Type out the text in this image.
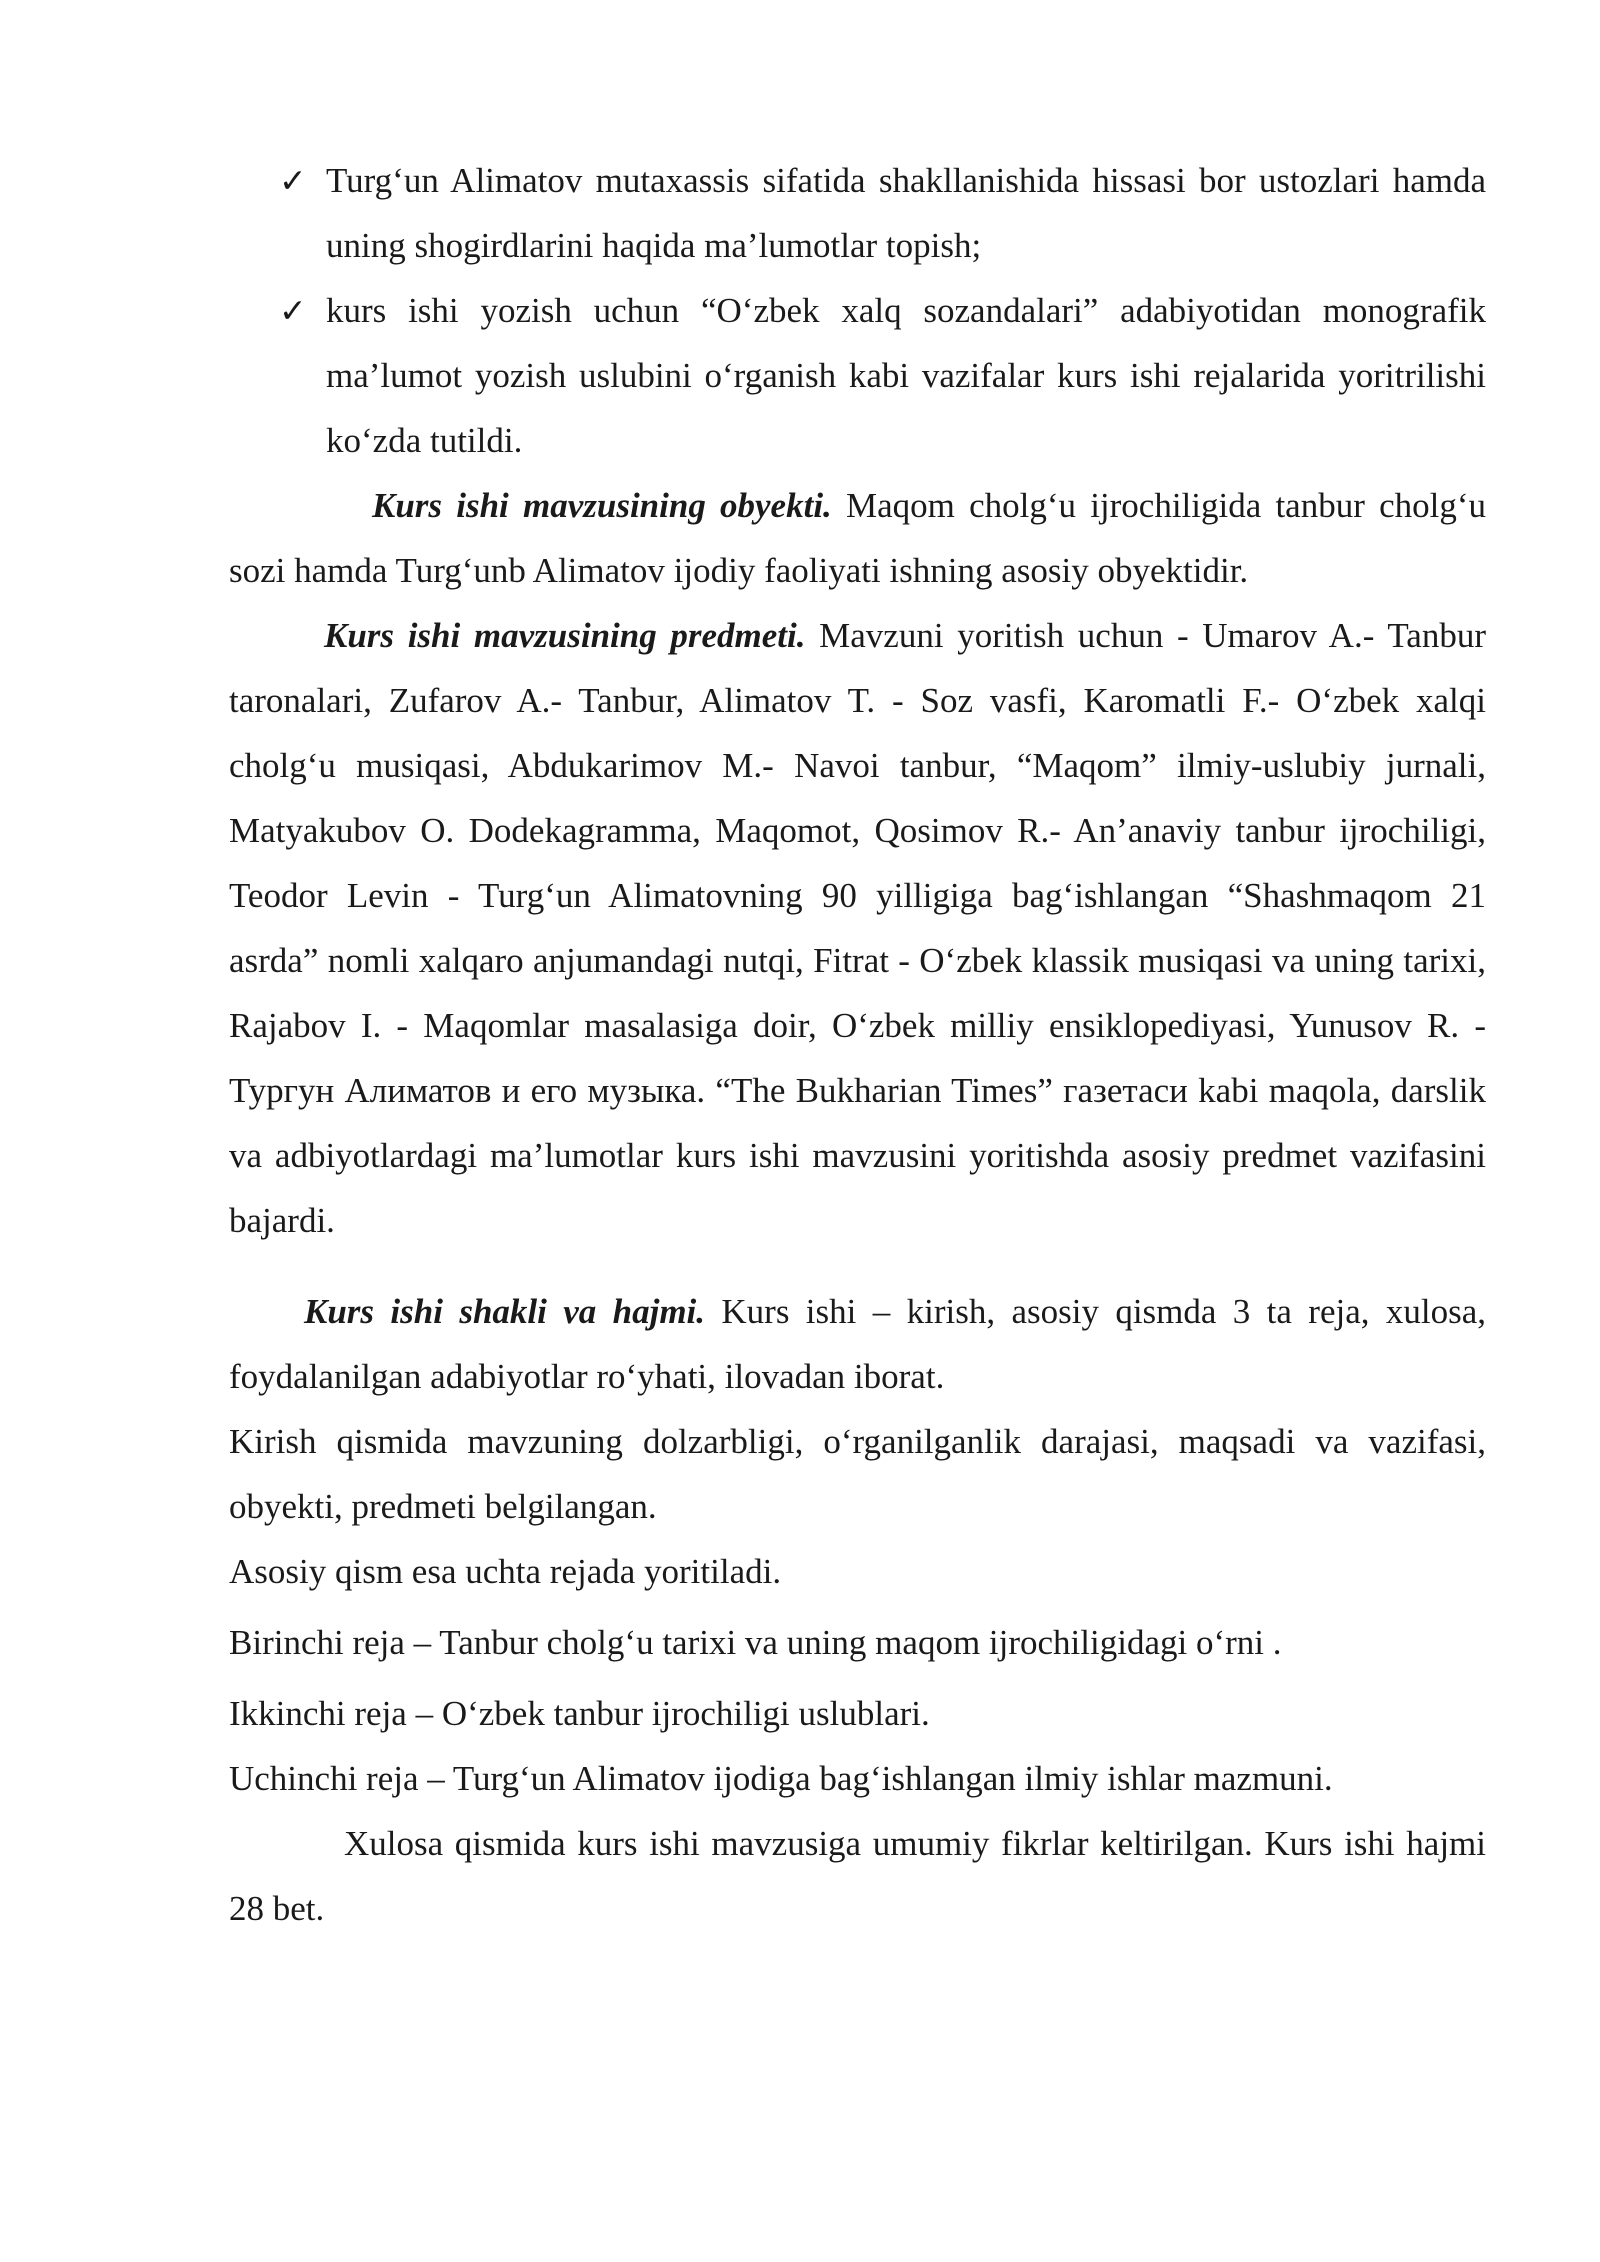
✓ Turg‘un Alimatov mutaxassis sifatida shakllanishida hissasi bor ustozlari hamda uning shogirdlarini haqida ma’lumotlar topish;
✓ kurs ishi yozish uchun “O‘zbek xalq sozandalari” adabiyotidan monografik ma’lumot yozish uslubini o‘rganish kabi vazifalar kurs ishi rejalarida yoritrilishi ko‘zda tutildi.

Kurs ishi mavzusining obyekti. Maqom cholg‘u ijrochiligida tanbur cholg‘u sozi hamda Turg‘unb Alimatov ijodiy faoliyati ishning asosiy obyektidir.

Kurs ishi mavzusining predmeti. Mavzuni yoritish uchun - Umarov A.- Tanbur taronalari, Zufarov A.- Tanbur, Alimatov T. - Soz vasfi, Karomatli F.- O‘zbek xalqi cholg‘u musiqasi, Abdukarimov M.- Navoi tanbur, “Maqom” ilmiy-uslubiy jurnali, Matyakubov O. Dodekagramma, Maqomot, Qosimov R.- An’anaviy tanbur ijrochiligi, Teodor Levin - Turg‘un Alimatovning 90 yilligiga bag‘ishlangan “Shashmaqom 21 asrda” nomli xalqaro anjumandagi nutqi, Fitrat - O‘zbek klassik musiqasi va uning tarixi, Rajabov I. - Maqomlar masalasiga doir, O‘zbek milliy ensiklopediyasi, Yunusov R. - Тургун Алиматов и его музыка. “The Bukharian Times” газетаси kabi maqola, darslik va adbiyotlardagi ma’lumotlar kurs ishi mavzusini yoritishda asosiy predmet vazifasini bajardi.

Kurs ishi shakli va hajmi. Kurs ishi – kirish, asosiy qismda 3 ta reja, xulosa, foydalanilgan adabiyotlar ro‘yhati, ilovadan iborat.

Kirish qismida mavzuning dolzarbligi, o‘rganilganlik darajasi, maqsadi va vazifasi, obyekti, predmeti belgilangan.

Asosiy qism esa uchta rejada yoritiladi.

Birinchi reja – Tanbur cholg‘u tarixi va uning maqom ijrochiligidagi o‘rni .

Ikkinchi reja – O‘zbek tanbur ijrochiligi uslublari.

Uchinchi reja – Turg‘un Alimatov ijodiga bag‘ishlangan ilmiy ishlar mazmuni.

Xulosa qismida kurs ishi mavzusiga umumiy fikrlar keltirilgan. Kurs ishi hajmi 28 bet.
